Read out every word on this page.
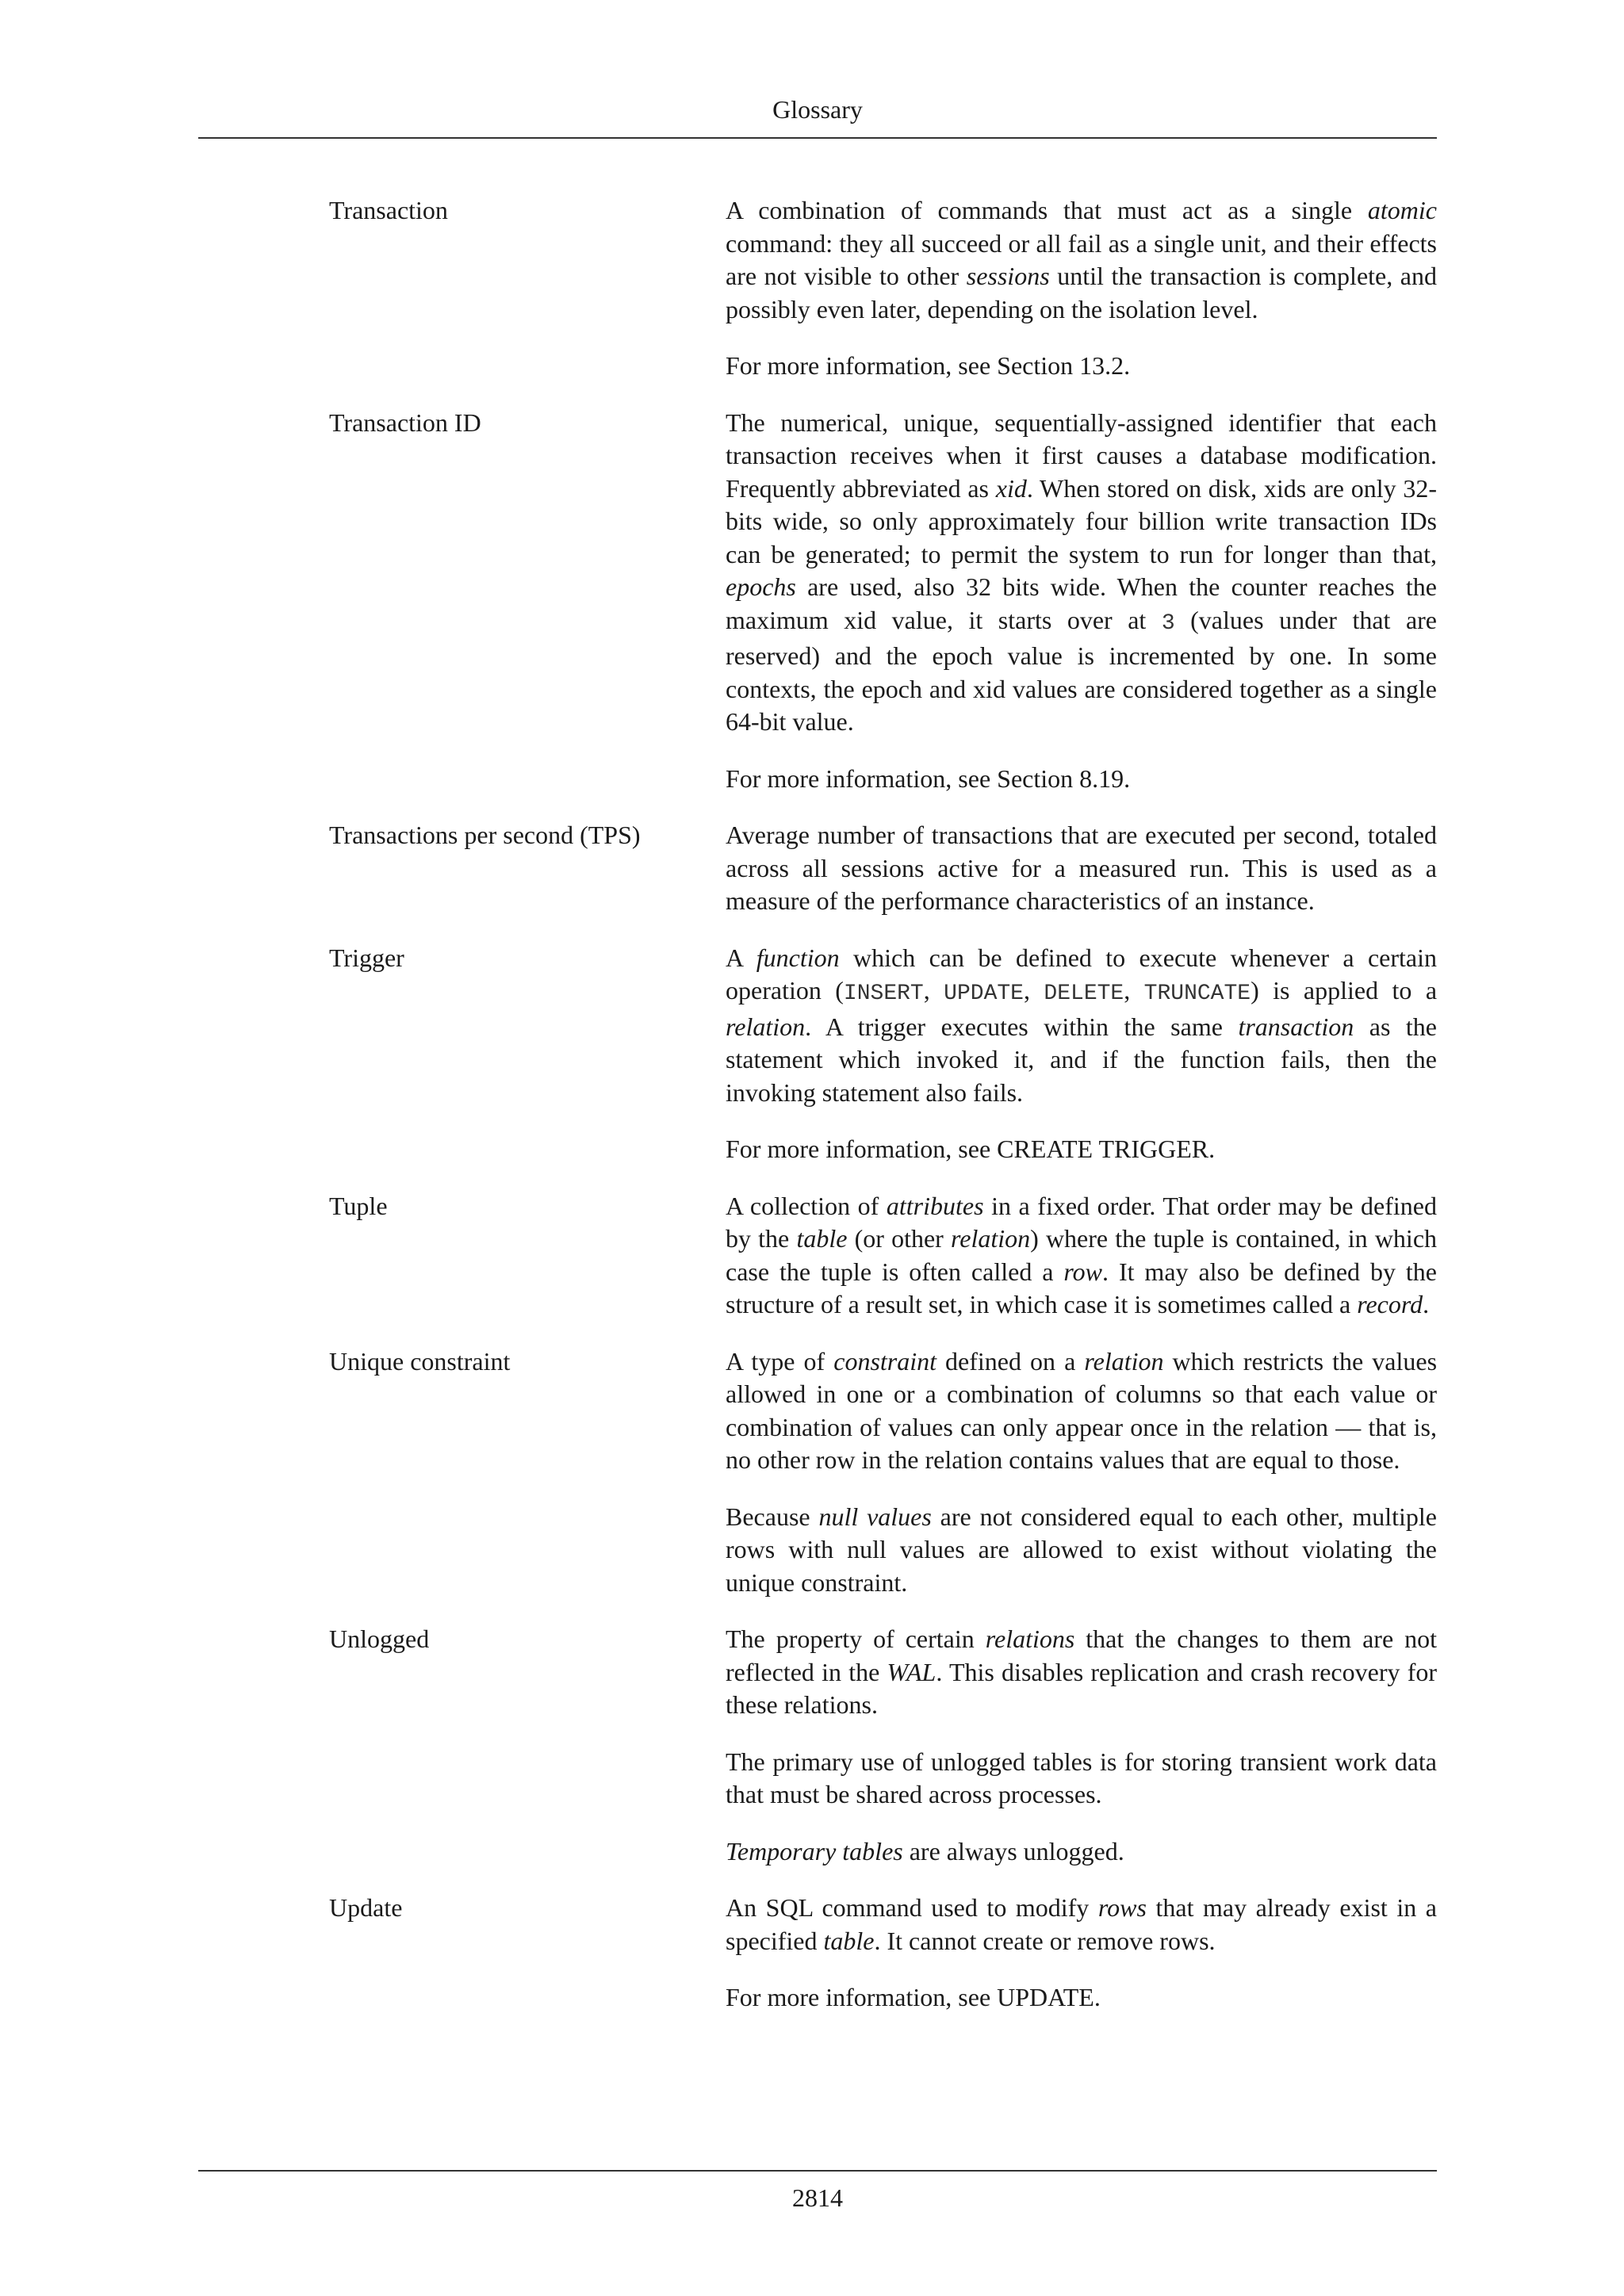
Glossary
Transaction	A combination of commands that must act as a single atomic command: they all succeed or all fail as a single unit, and their effects are not visible to other sessions until the transaction is complete, and possibly even later, depending on the isolation level.

For more information, see Section 13.2.

Transaction ID	The numerical, unique, sequentially-assigned identifier that each transaction receives when it first causes a database modification. Frequently abbreviated as xid. When stored on disk, xids are only 32-bits wide, so only approximately four billion write transaction IDs can be generated; to permit the system to run for longer than that, epochs are used, also 32 bits wide. When the counter reaches the maximum xid value, it starts over at 3 (values under that are reserved) and the epoch value is incremented by one. In some contexts, the epoch and xid values are considered together as a single 64-bit value.

For more information, see Section 8.19.

Transactions per second (TPS)	Average number of transactions that are executed per second, totaled across all sessions active for a measured run. This is used as a measure of the performance characteristics of an instance.

Trigger	A function which can be defined to execute whenever a certain operation (INSERT, UPDATE, DELETE, TRUNCATE) is applied to a relation. A trigger executes within the same transaction as the statement which invoked it, and if the function fails, then the invoking statement also fails.

For more information, see CREATE TRIGGER.

Tuple	A collection of attributes in a fixed order. That order may be defined by the table (or other relation) where the tuple is contained, in which case the tuple is often called a row. It may also be defined by the structure of a result set, in which case it is sometimes called a record.

Unique constraint	A type of constraint defined on a relation which restricts the values allowed in one or a combination of columns so that each value or combination of values can only appear once in the relation — that is, no other row in the relation contains values that are equal to those.

Because null values are not considered equal to each other, multiple rows with null values are allowed to exist without violating the unique constraint.

Unlogged	The property of certain relations that the changes to them are not reflected in the WAL. This disables replication and crash recovery for these relations.

The primary use of unlogged tables is for storing transient work data that must be shared across processes.

Temporary tables are always unlogged.

Update	An SQL command used to modify rows that may already exist in a specified table. It cannot create or remove rows.

For more information, see UPDATE.

2814
